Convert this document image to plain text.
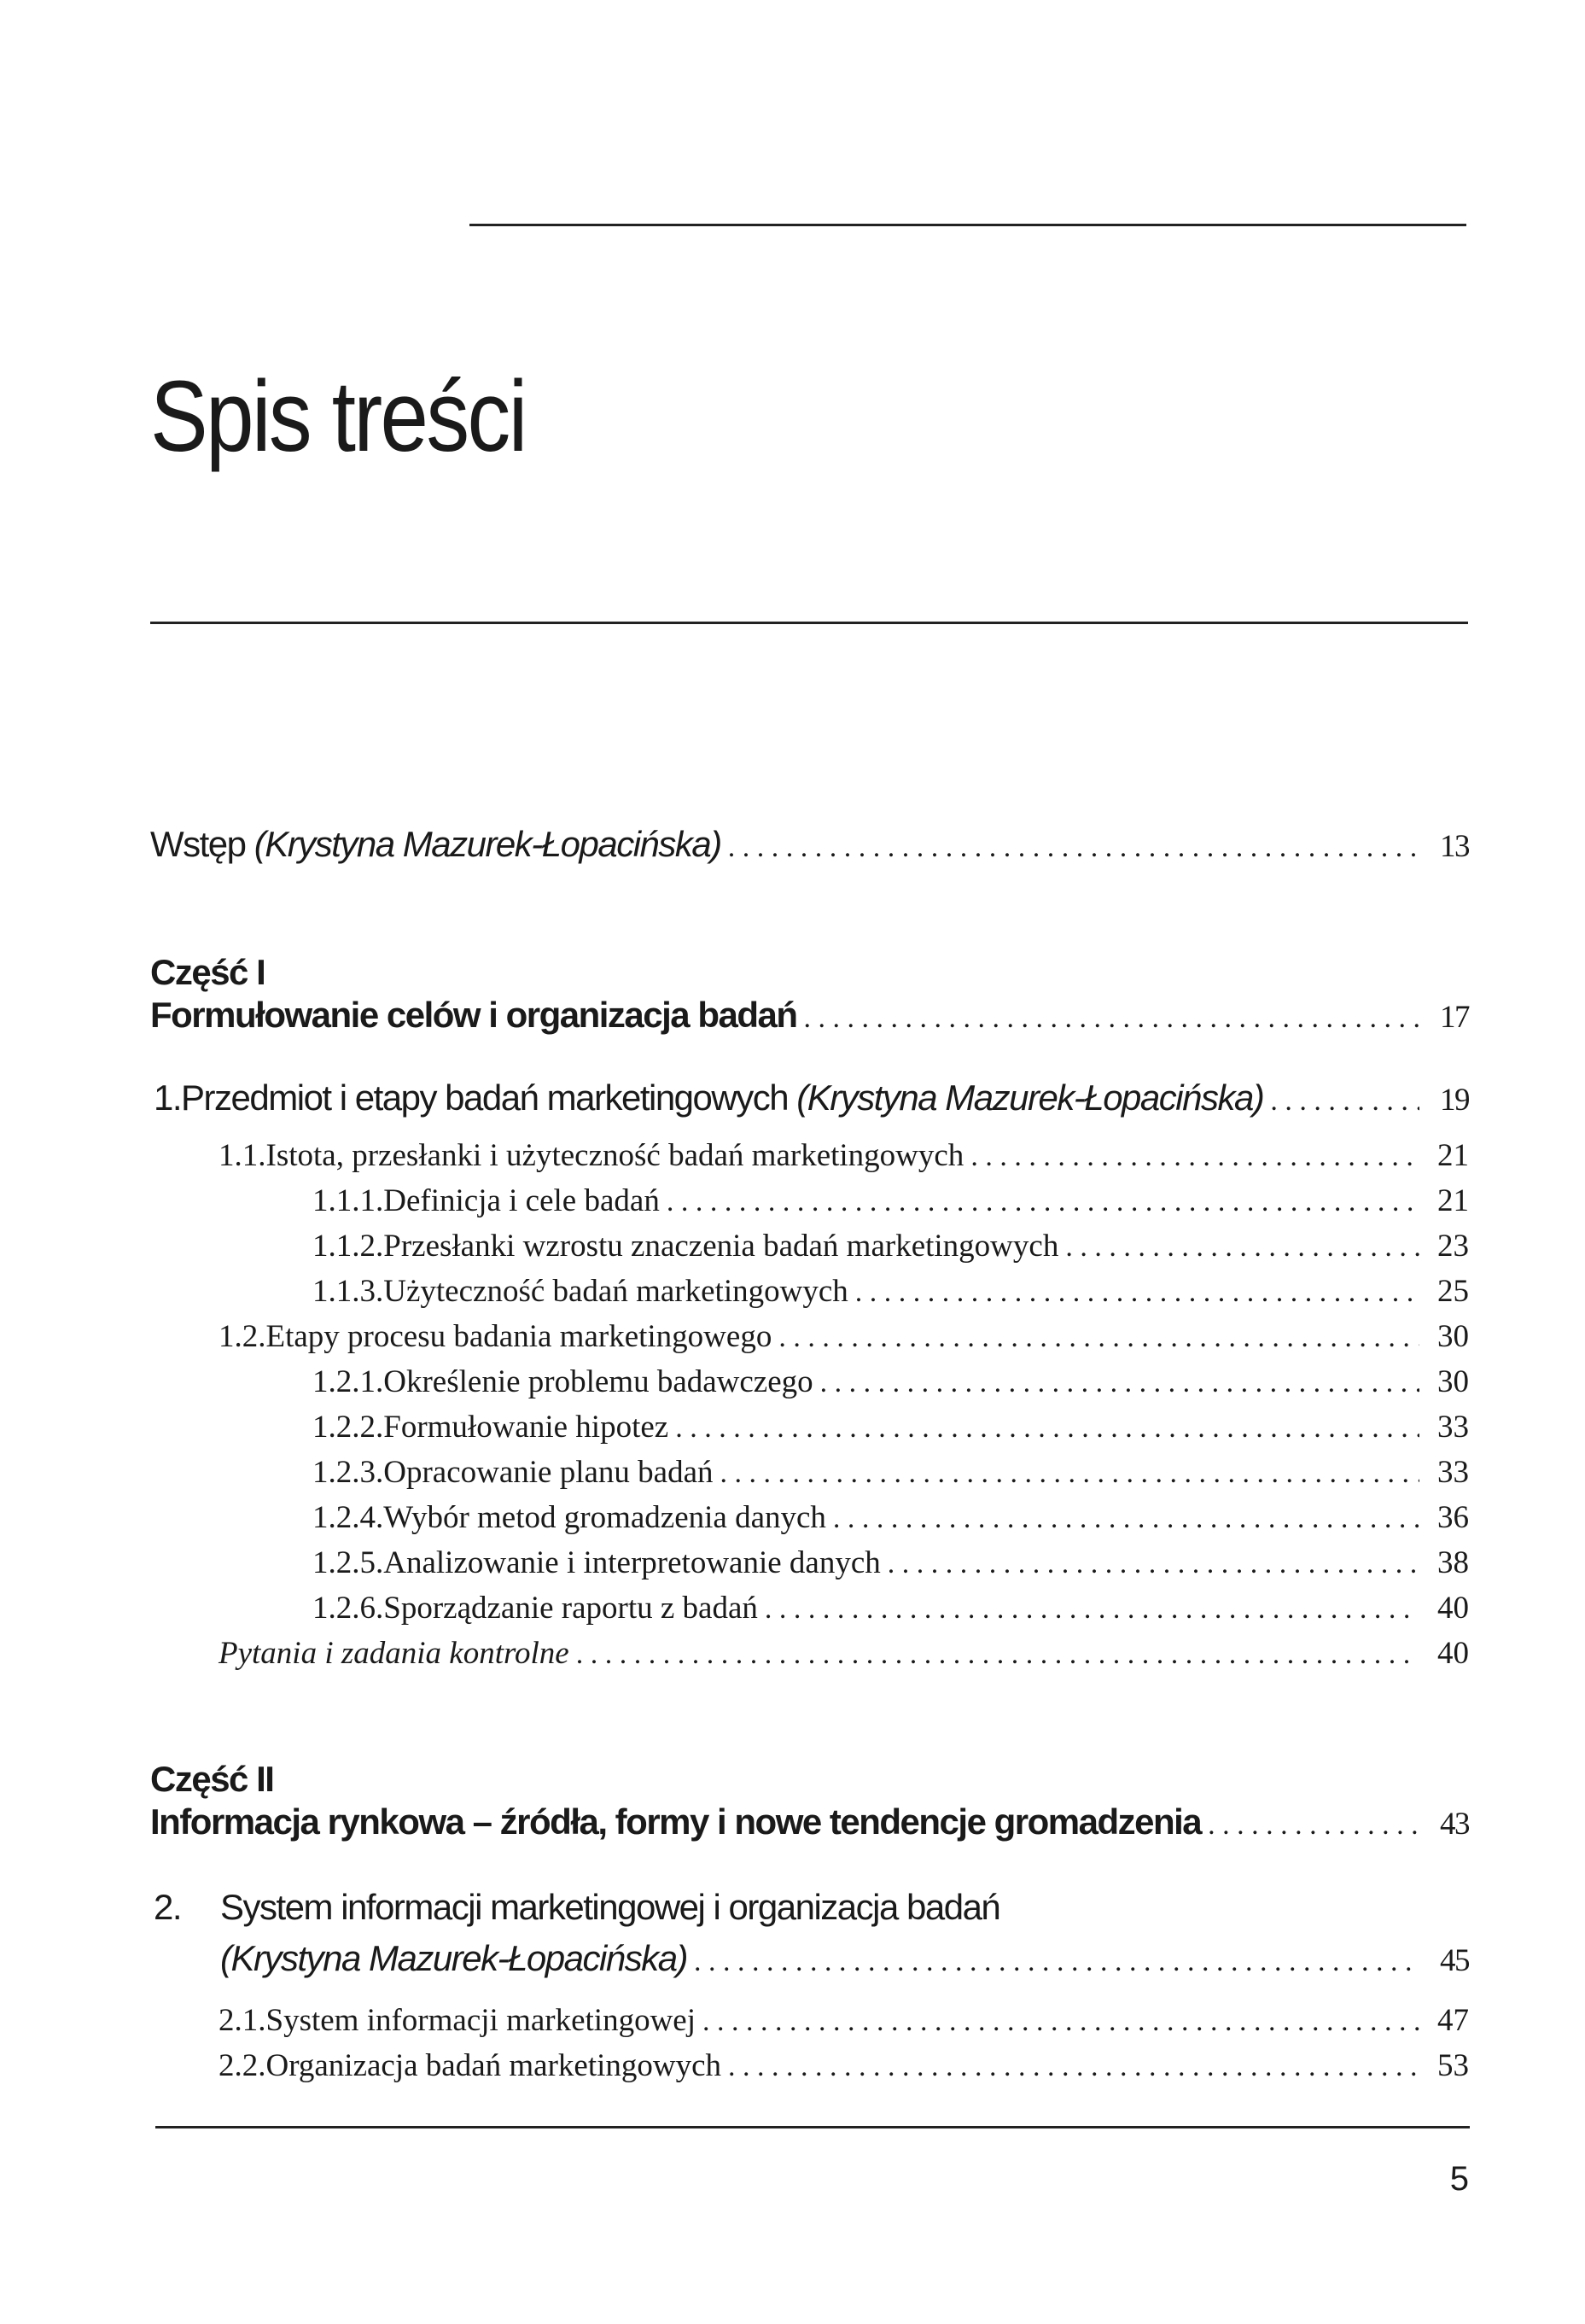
Spis treści
Wstęp (Krystyna Mazurek-Łopacińska) . . .	13
Część I
Formułowanie celów i organizacja badań . . .	17
1. Przedmiot i etapy badań marketingowych (Krystyna Mazurek-Łopacińska) . . .	19
1.1. Istota, przesłanki i użyteczność badań marketingowych . . .	21
1.1.1. Definicja i cele badań . . .	21
1.1.2. Przesłanki wzrostu znaczenia badań marketingowych . . .	23
1.1.3. Użyteczność badań marketingowych . . .	25
1.2. Etapy procesu badania marketingowego . . .	30
1.2.1. Określenie problemu badawczego . . .	30
1.2.2. Formułowanie hipotez . . .	33
1.2.3. Opracowanie planu badań . . .	33
1.2.4. Wybór metod gromadzenia danych . . .	36
1.2.5. Analizowanie i interpretowanie danych . . .	38
1.2.6. Sporządzanie raportu z badań . . .	40
Pytania i zadania kontrolne . . .	40
Część II
Informacja rynkowa – źródła, formy i nowe tendencje gromadzenia . . .	43
2. System informacji marketingowej i organizacja badań
(Krystyna Mazurek-Łopacińska) . . .	45
2.1. System informacji marketingowej . . .	47
2.2. Organizacja badań marketingowych . . .	53
5
